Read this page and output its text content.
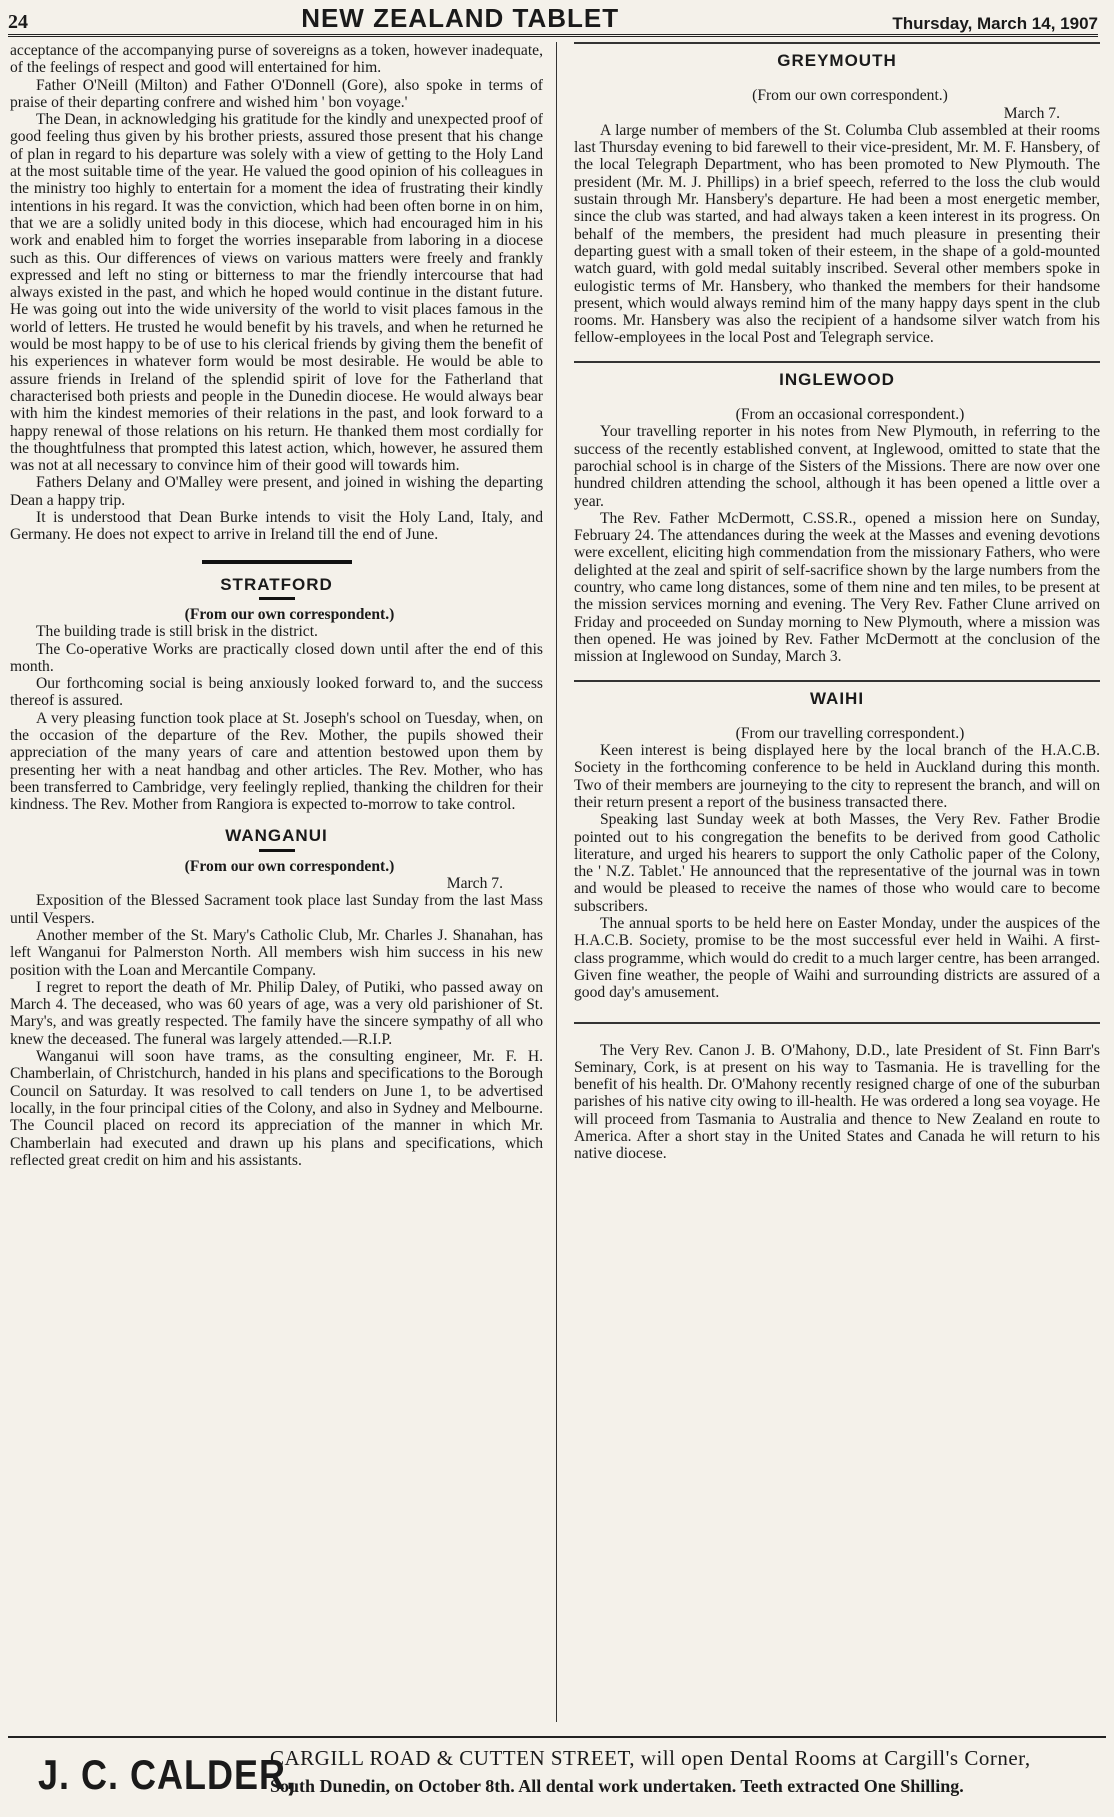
24	NEW ZEALAND TABLET	Thursday, March 14, 1907

acceptance of the accompanying purse of sovereigns as a token, however inadequate, of the feelings of respect and good will entertained for him.

Father O'Neill (Milton) and Father O'Donnell (Gore), also spoke in terms of praise of their departing confrere and wished him ' bon voyage.'

The Dean, in acknowledging his gratitude for the kindly and unexpected proof of good feeling thus given by his brother priests, assured those present that his change of plan in regard to his departure was solely with a view of getting to the Holy Land at the most suitable time of the year. He valued the good opinion of his colleagues in the ministry too highly to entertain for a moment the idea of frustrating their kindly intentions in his regard. It was the conviction, which had been often borne in on him, that we are a solidly united body in this diocese, which had encouraged him in his work and enabled him to forget the worries inseparable from laboring in a diocese such as this. Our differences of views on various matters were freely and frankly expressed and left no sting or bitterness to mar the friendly intercourse that had always existed in the past, and which he hoped would continue in the distant future. He was going out into the wide university of the world to visit places famous in the world of letters. He trusted he would benefit by his travels, and when he returned he would be most happy to be of use to his clerical friends by giving them the benefit of his experiences in whatever form would be most desirable. He would be able to assure friends in Ireland of the splendid spirit of love for the Fatherland that characterised both priests and people in the Dunedin diocese. He would always bear with him the kindest memories of their relations in the past, and look forward to a happy renewal of those relations on his return. He thanked them most cordially for the thoughtfulness that prompted this latest action, which, however, he assured them was not at all necessary to convince him of their good will towards him.

Fathers Delany and O'Malley were present, and joined in wishing the departing Dean a happy trip.

It is understood that Dean Burke intends to visit the Holy Land, Italy, and Germany. He does not expect to arrive in Ireland till the end of June.

STRATFORD

(From our own correspondent.)

The building trade is still brisk in the district.

The Co-operative Works are practically closed down until after the end of this month.

Our forthcoming social is being anxiously looked forward to, and the success thereof is assured.

A very pleasing function took place at St. Joseph's school on Tuesday, when, on the occasion of the departure of the Rev. Mother, the pupils showed their appreciation of the many years of care and attention bestowed upon them by presenting her with a neat handbag and other articles. The Rev. Mother, who has been transferred to Cambridge, very feelingly replied, thanking the children for their kindness. The Rev. Mother from Rangiora is expected to-morrow to take control.

WANGANUI

(From our own correspondent.)

March 7.

Exposition of the Blessed Sacrament took place last Sunday from the last Mass until Vespers.

Another member of the St. Mary's Catholic Club, Mr. Charles J. Shanahan, has left Wanganui for Palmerston North. All members wish him success in his new position with the Loan and Mercantile Company.

I regret to report the death of Mr. Philip Daley, of Putiki, who passed away on March 4. The deceased, who was 60 years of age, was a very old parishioner of St. Mary's, and was greatly respected. The family have the sincere sympathy of all who knew the deceased. The funeral was largely attended.—R.I.P.

Wanganui will soon have trams, as the consulting engineer, Mr. F. H. Chamberlain, of Christchurch, handed in his plans and specifications to the Borough Council on Saturday. It was resolved to call tenders on June 1, to be advertised locally, in the four principal cities of the Colony, and also in Sydney and Melbourne. The Council placed on record its appreciation of the manner in which Mr. Chamberlain had executed and drawn up his plans and specifications, which reflected great credit on him and his assistants.

GREYMOUTH

(From our own correspondent.)

March 7.

A large number of members of the St. Columba Club assembled at their rooms last Thursday evening to bid farewell to their vice-president, Mr. M. F. Hansbery, of the local Telegraph Department, who has been promoted to New Plymouth. The president (Mr. M. J. Phillips) in a brief speech, referred to the loss the club would sustain through Mr. Hansbery's departure. He had been a most energetic member, since the club was started, and had always taken a keen interest in its progress. On behalf of the members, the president had much pleasure in presenting their departing guest with a small token of their esteem, in the shape of a gold-mounted watch guard, with gold medal suitably inscribed. Several other members spoke in eulogistic terms of Mr. Hansbery, who thanked the members for their handsome present, which would always remind him of the many happy days spent in the club rooms. Mr. Hansbery was also the recipient of a handsome silver watch from his fellow-employees in the local Post and Telegraph service.

INGLEWOOD

(From an occasional correspondent.)

Your travelling reporter in his notes from New Plymouth, in referring to the success of the recently established convent, at Inglewood, omitted to state that the parochial school is in charge of the Sisters of the Missions. There are now over one hundred children attending the school, although it has been opened a little over a year.

The Rev. Father McDermott, C.SS.R., opened a mission here on Sunday, February 24. The attendances during the week at the Masses and evening devotions were excellent, eliciting high commendation from the missionary Fathers, who were delighted at the zeal and spirit of self-sacrifice shown by the large numbers from the country, who came long distances, some of them nine and ten miles, to be present at the mission services morning and evening. The Very Rev. Father Clune arrived on Friday and proceeded on Sunday morning to New Plymouth, where a mission was then opened. He was joined by Rev. Father McDermott at the conclusion of the mission at Inglewood on Sunday, March 3.

WAIHI

(From our travelling correspondent.)

Keen interest is being displayed here by the local branch of the H.A.C.B. Society in the forthcoming conference to be held in Auckland during this month. Two of their members are journeying to the city to represent the branch, and will on their return present a report of the business transacted there.

Speaking last Sunday week at both Masses, the Very Rev. Father Brodie pointed out to his congregation the benefits to be derived from good Catholic literature, and urged his hearers to support the only Catholic paper of the Colony, the ' N.Z. Tablet.' He announced that the representative of the journal was in town and would be pleased to receive the names of those who would care to become subscribers.

The annual sports to be held here on Easter Monday, under the auspices of the H.A.C.B. Society, promise to be the most successful ever held in Waihi. A first-class programme, which would do credit to a much larger centre, has been arranged. Given fine weather, the people of Waihi and surrounding districts are assured of a good day's amusement.

The Very Rev. Canon J. B. O'Mahony, D.D., late President of St. Finn Barr's Seminary, Cork, is at present on his way to Tasmania. He is travelling for the benefit of his health. Dr. O'Mahony recently resigned charge of one of the suburban parishes of his native city owing to ill-health. He was ordered a long sea voyage. He will proceed from Tasmania to Australia and thence to New Zealand en route to America. After a short stay in the United States and Canada he will return to his native diocese.

J. C. CALDER,
CARGILL ROAD & CUTTEN STREET, will open Dental Rooms at Cargill's Corner,
South Dunedin, on October 8th. All dental work undertaken. Teeth extracted One Shilling.
